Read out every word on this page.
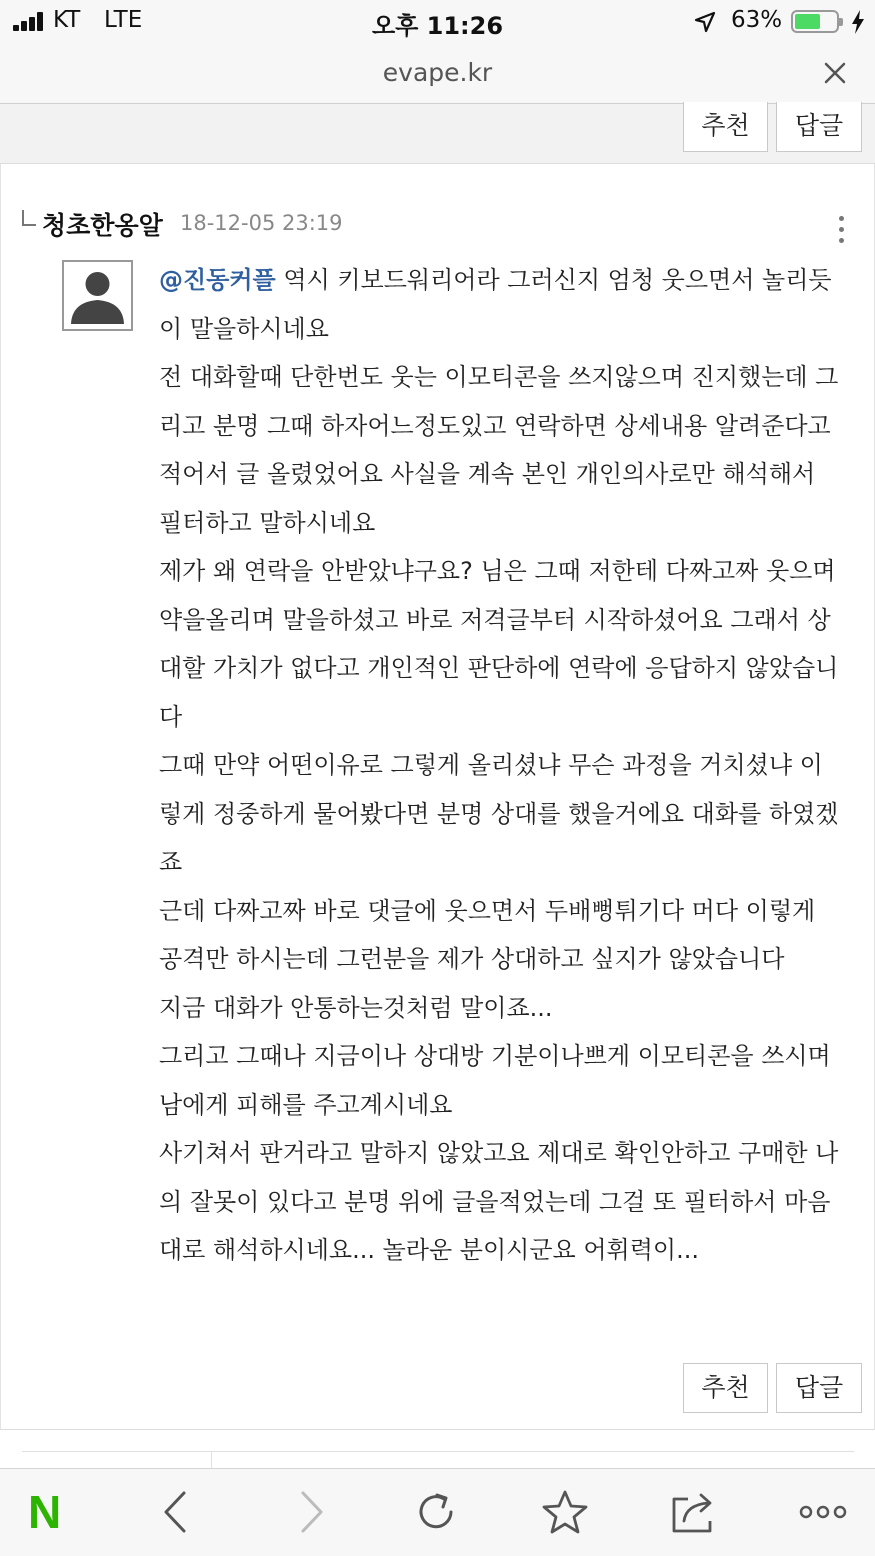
KT LTE	오후 11:26	63%
evape.kr
추천	답글
청초한옹알 18-12-05 23:19
@진동커플 역시 키보드워리어라 그러신지 엄청 웃으면서 놀리듯이 말을하시네요
전 대화할때 단한번도 웃는 이모티콘을 쓰지않으며 진지했는데 그리고 분명 그때 하자어느정도있고 연락하면 상세내용 알려준다고 적어서 글 올렸었어요 사실을 계속 본인 개인의사로만 해석해서 필터하고 말하시네요
제가 왜 연락을 안받았냐구요? 님은 그때 저한테 다짜고짜 웃으며 약을올리며 말을하셨고 바로 저격글부터 시작하셨어요 그래서 상대할 가치가 없다고 개인적인 판단하에 연락에 응답하지 않았습니다
그때 만약 어떤이유로 그렇게 올리셨냐 무슨 과정을 거치셨냐 이렇게 정중하게 물어봤다면 분명 상대를 했을거에요 대화를 하였겠죠
근데 다짜고짜 바로 댓글에 웃으면서 두배뻥튀기다 머다 이렇게 공격만 하시는데 그런분을 제가 상대하고 싶지가 않았습니다
지금 대화가 안통하는것처럼 말이죠...
그리고 그때나 지금이나 상대방 기분이나쁘게 이모티콘을 쓰시며 남에게 피해를 주고계시네요
사기쳐서 판거라고 말하지 않았고요 제대로 확인안하고 구매한 나의 잘못이 있다고 분명 위에 글을적었는데 그걸 또 필터하서 마음대로 해석하시네요... 놀라운 분이시군요 어휘력이...
추천	답글
N
